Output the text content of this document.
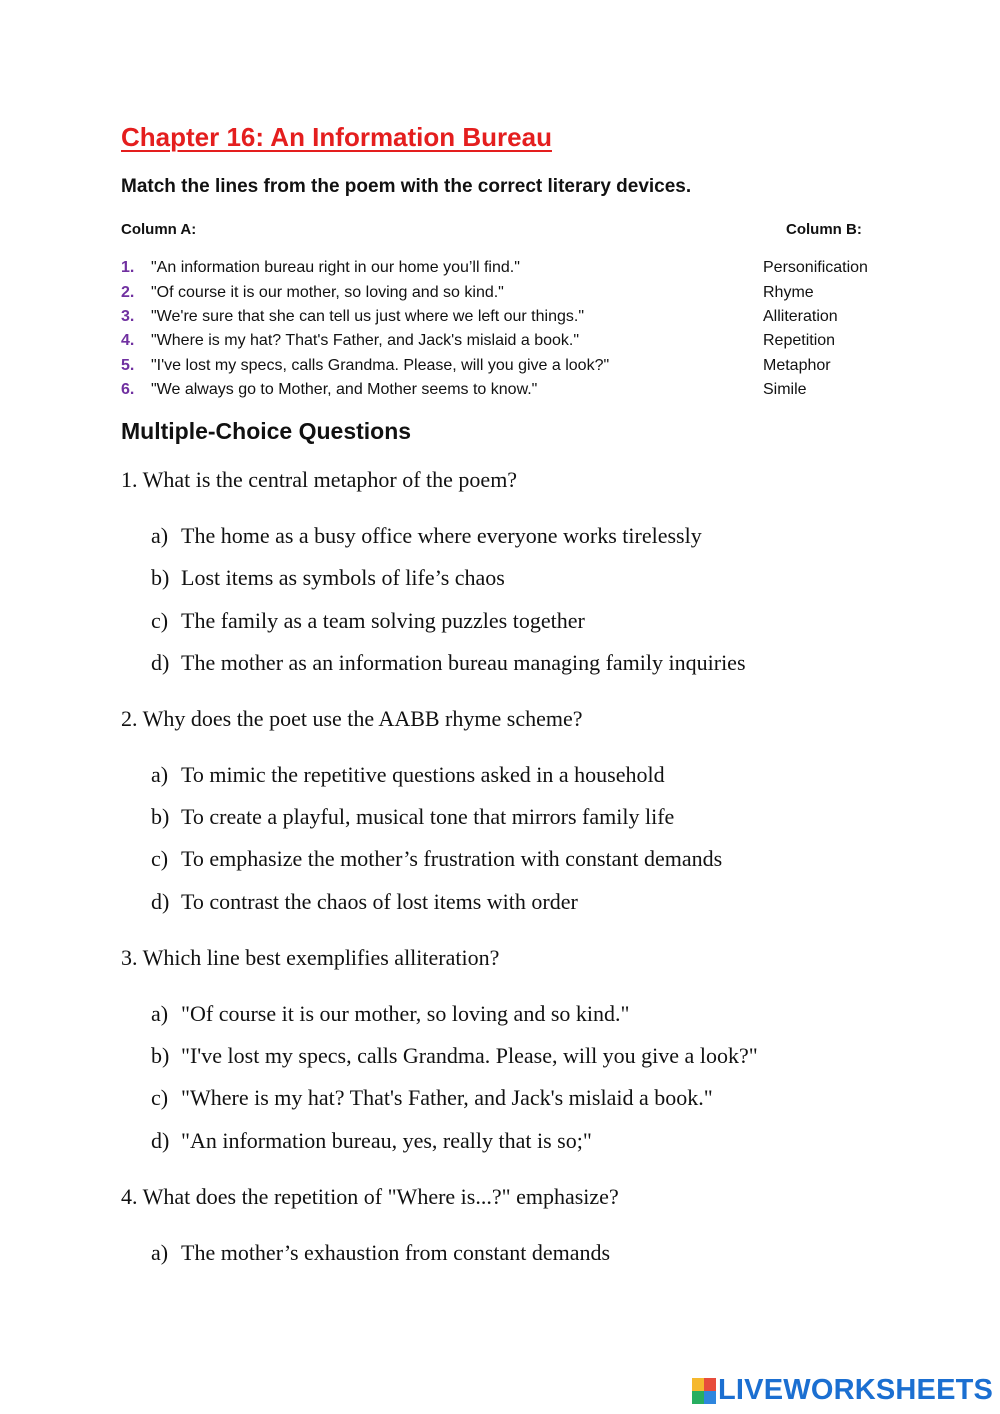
Chapter 16: An Information Bureau

Match the lines from the poem with the correct literary devices.

Column A:	Column B:
1.	"An information bureau right in our home you’ll find."	Personification
2.	"Of course it is our mother, so loving and so kind."	Rhyme
3.	"We're sure that she can tell us just where we left our things."	Alliteration
4.	"Where is my hat? That's Father, and Jack's mislaid a book."	Repetition
5.	"I've lost my specs, calls Grandma. Please, will you give a look?"	Metaphor
6.	"We always go to Mother, and Mother seems to know."	Simile
Multiple-Choice Questions
1. What is the central metaphor of the poem?
a) The home as a busy office where everyone works tirelessly
b) Lost items as symbols of life’s chaos
c) The family as a team solving puzzles together
d) The mother as an information bureau managing family inquiries
2. Why does the poet use the AABB rhyme scheme?
a) To mimic the repetitive questions asked in a household
b) To create a playful, musical tone that mirrors family life
c) To emphasize the mother’s frustration with constant demands
d) To contrast the chaos of lost items with order
3. Which line best exemplifies alliteration?
a) "Of course it is our mother, so loving and so kind."
b) "I've lost my specs, calls Grandma. Please, will you give a look?"
c) "Where is my hat? That's Father, and Jack's mislaid a book."
d) "An information bureau, yes, really that is so;"
4. What does the repetition of "Where is...?" emphasize?
a) The mother’s exhaustion from constant demands
LIVEWORKSHEETS
